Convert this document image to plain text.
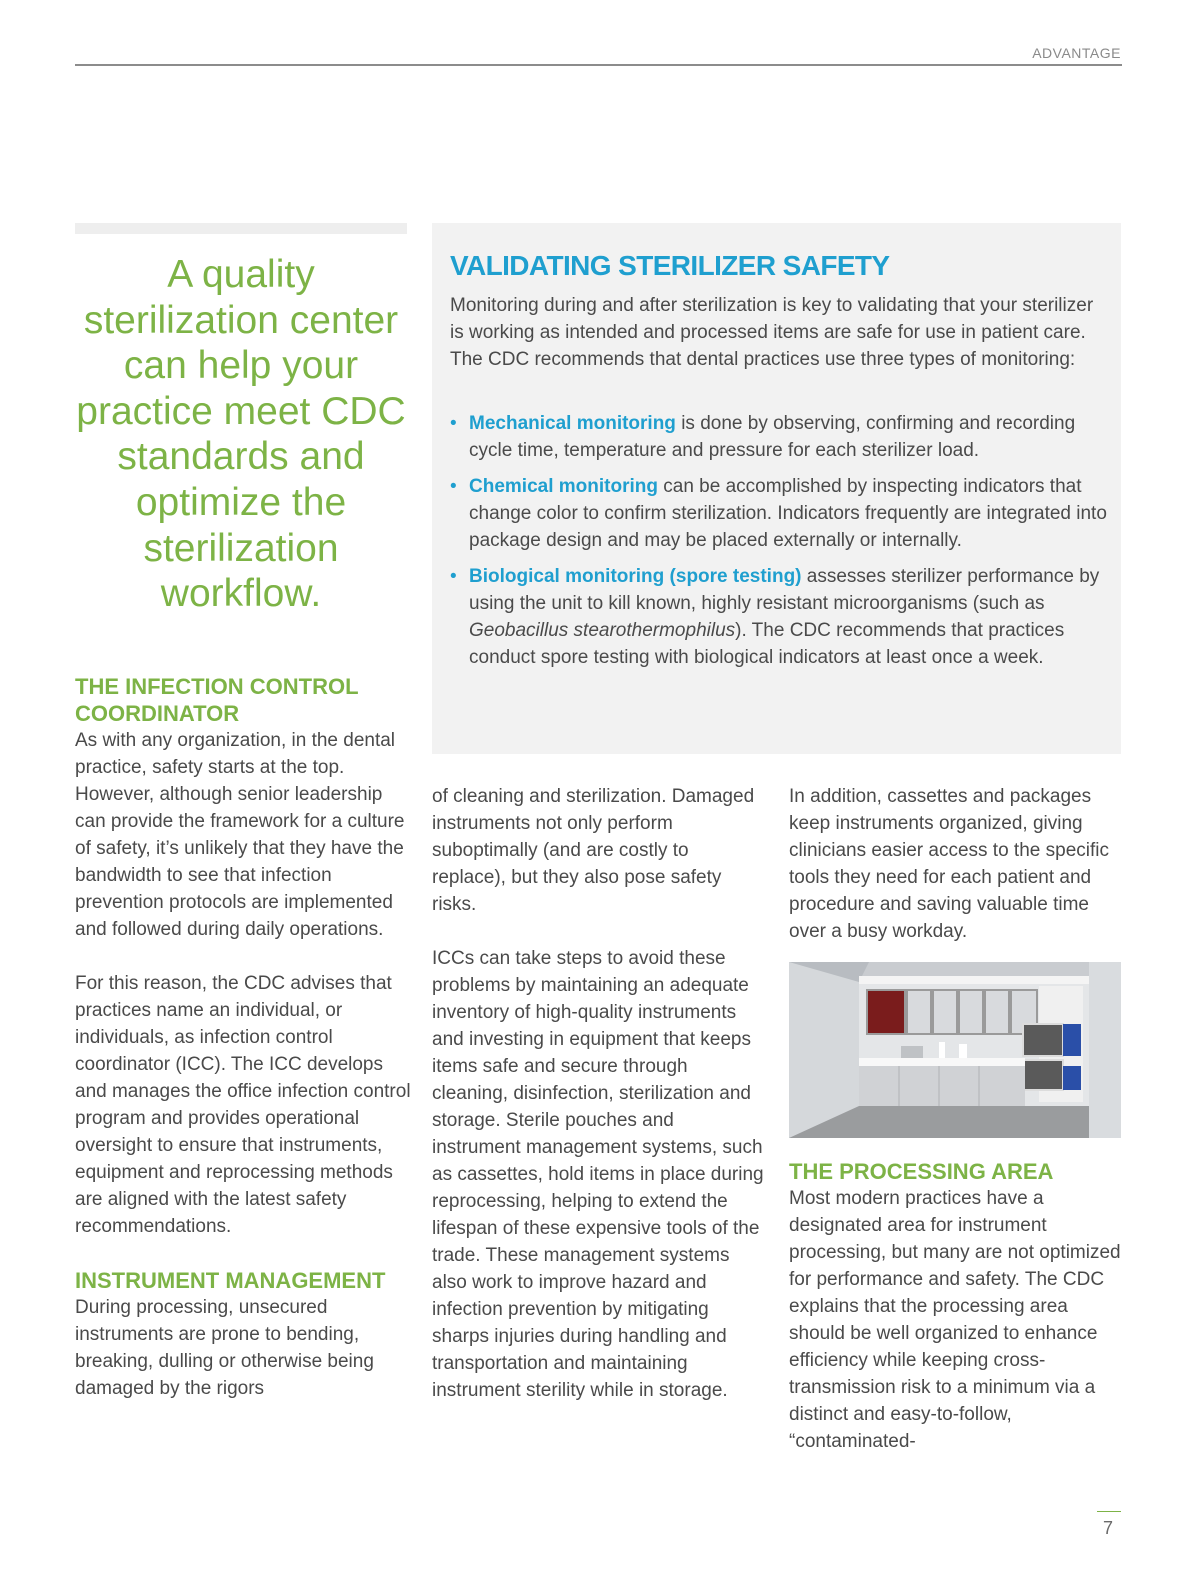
ADVANTAGE
A quality sterilization center can help your practice meet CDC standards and optimize the sterilization workflow.
VALIDATING STERILIZER SAFETY
Monitoring during and after sterilization is key to validating that your sterilizer is working as intended and processed items are safe for use in patient care. The CDC recommends that dental practices use three types of monitoring:
• Mechanical monitoring is done by observing, confirming and recording cycle time, temperature and pressure for each sterilizer load.
• Chemical monitoring can be accomplished by inspecting indicators that change color to confirm sterilization. Indicators frequently are integrated into package design and may be placed externally or internally.
• Biological monitoring (spore testing) assesses sterilizer performance by using the unit to kill known, highly resistant microorganisms (such as Geobacillus stearothermophilus). The CDC recommends that practices conduct spore testing with biological indicators at least once a week.
THE INFECTION CONTROL COORDINATOR

As with any organization, in the dental practice, safety starts at the top. However, although senior leadership can provide the framework for a culture of safety, it’s unlikely that they have the bandwidth to see that infection prevention protocols are implemented and followed during daily operations.

For this reason, the CDC advises that practices name an individual, or individuals, as infection control coordinator (ICC). The ICC develops and manages the office infection control program and provides operational oversight to ensure that instruments, equipment and reprocessing methods are aligned with the latest safety recommendations.

INSTRUMENT MANAGEMENT

During processing, unsecured instruments are prone to bending, breaking, dulling or otherwise being damaged by the rigors

of cleaning and sterilization. Damaged instruments not only perform suboptimally (and are costly to replace), but they also pose safety risks.

ICCs can take steps to avoid these problems by maintaining an adequate inventory of high-quality instruments and investing in equipment that keeps items safe and secure through cleaning, disinfection, sterilization and storage. Sterile pouches and instrument management systems, such as cassettes, hold items in place during reprocessing, helping to extend the lifespan of these expensive tools of the trade. These management systems also work to improve hazard and infection prevention by mitigating sharps injuries during handling and transportation and maintaining instrument sterility while in storage.

In addition, cassettes and packages keep instruments organized, giving clinicians easier access to the specific tools they need for each patient and procedure and saving valuable time over a busy workday.

THE PROCESSING AREA

Most modern practices have a designated area for instrument processing, but many are not optimized for performance and safety. The CDC explains that the processing area should be well organized to enhance efficiency while keeping cross-transmission risk to a minimum via a distinct and easy-to-follow, “contaminated-

7
